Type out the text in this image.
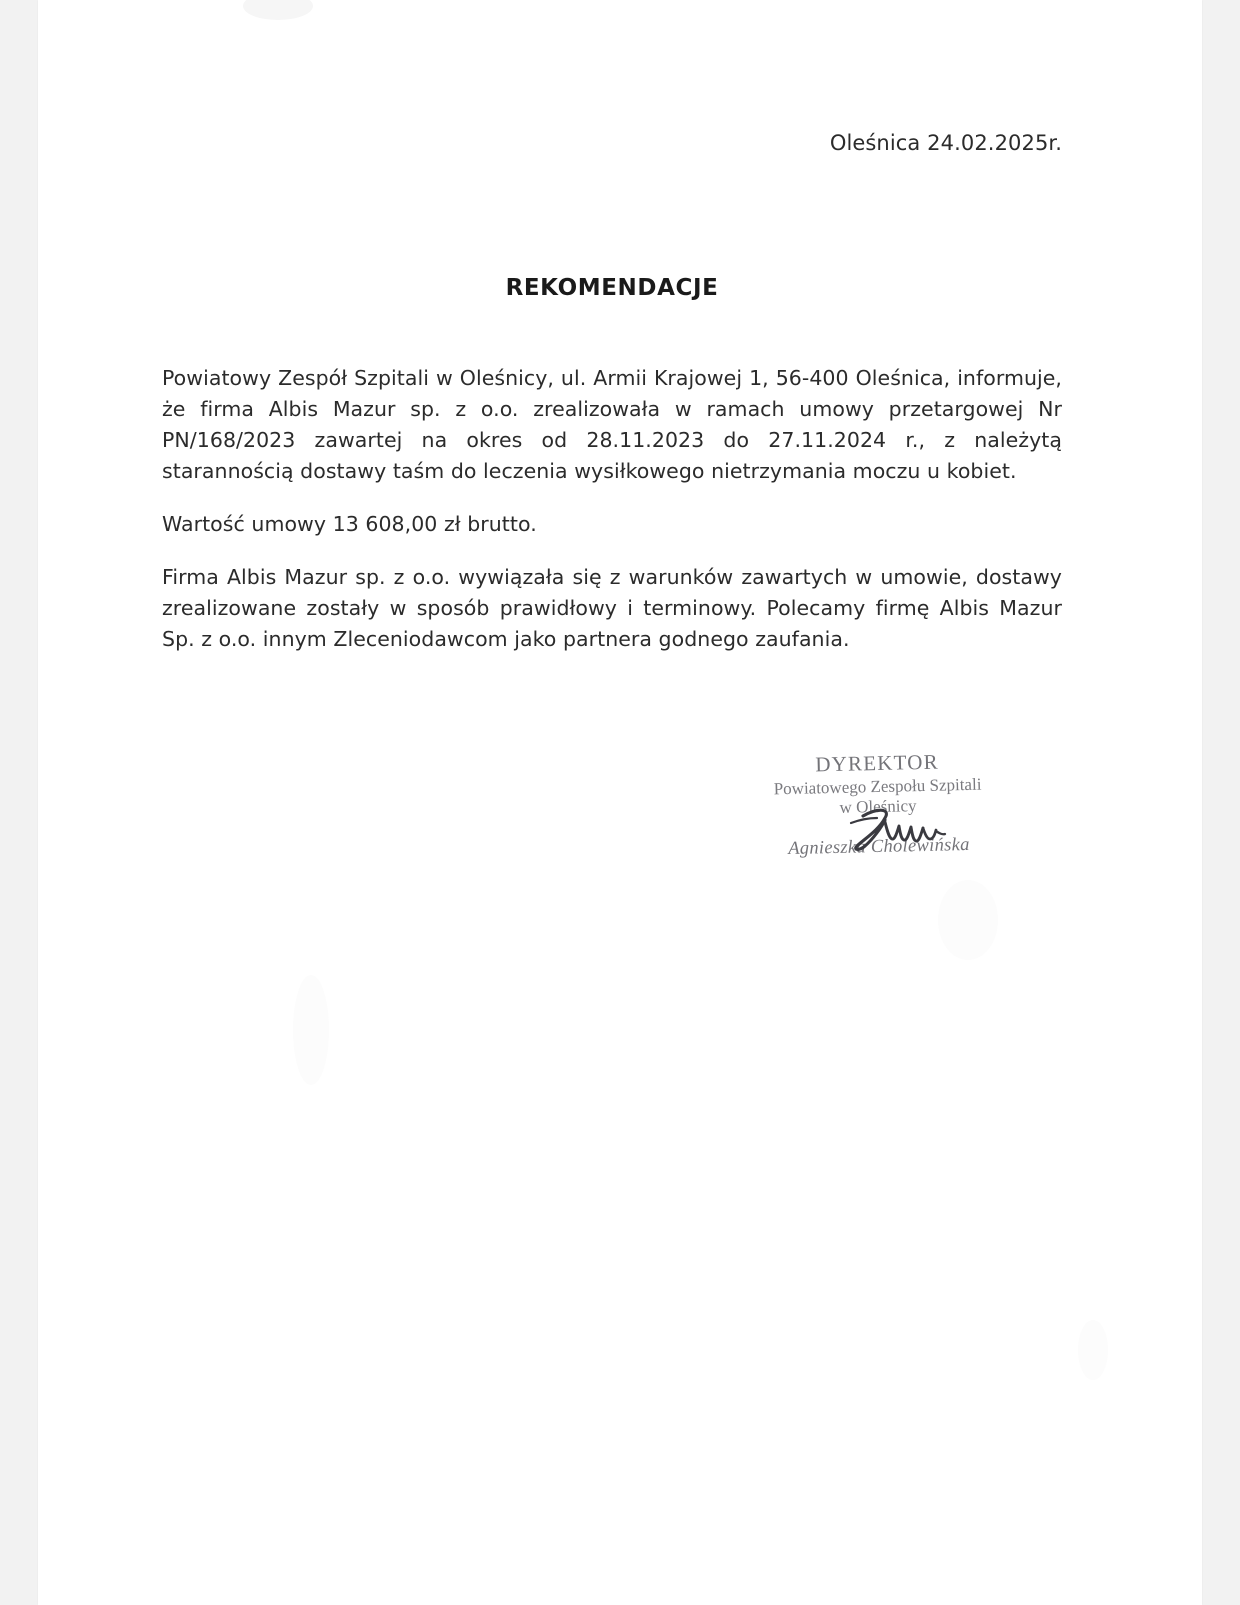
Oleśnica 24.02.2025r.
REKOMENDACJE

Powiatowy Zespół Szpitali w Oleśnicy, ul. Armii Krajowej 1, 56-400 Oleśnica, informuje, że firma Albis Mazur sp. z o.o. zrealizowała w ramach umowy przetargowej Nr PN/168/2023 zawartej na okres od 28.11.2023 do 27.11.2024 r., z należytą starannością dostawy taśm do leczenia wysiłkowego nietrzymania moczu u kobiet.

Wartość umowy 13 608,00 zł brutto.

Firma Albis Mazur sp. z o.o. wywiązała się z warunków zawartych w umowie, dostawy zrealizowane zostały w sposób prawidłowy i terminowy. Polecamy firmę Albis Mazur Sp. z o.o. innym Zleceniodawcom jako partnera godnego zaufania.

DYREKTOR
Powiatowego Zespołu Szpitali
w Oleśnicy
Agnieszka Cholewińska
